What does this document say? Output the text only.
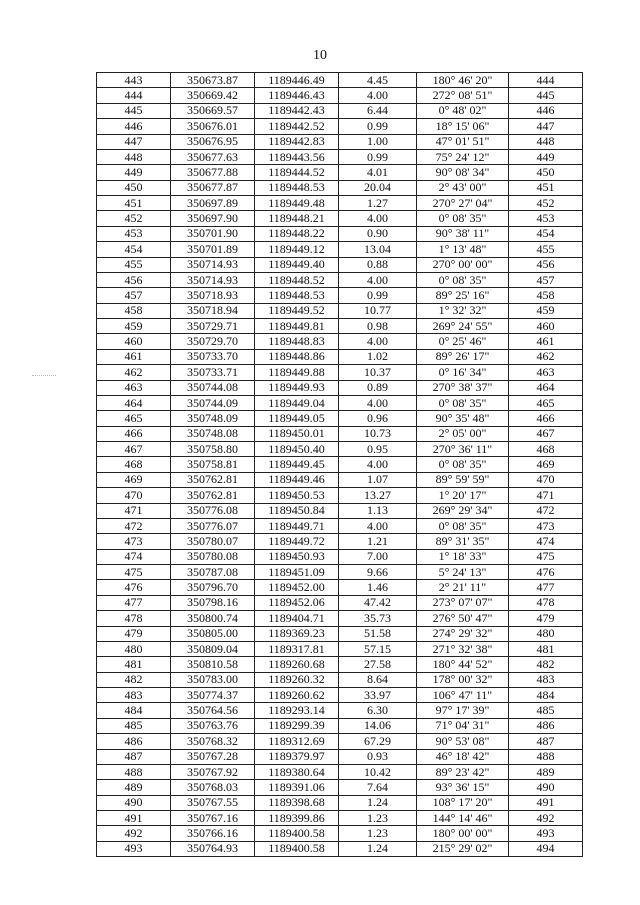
10
443	350673.87	1189446.49	4.45	180° 46' 20"	444
444	350669.42	1189446.43	4.00	272° 08' 51"	445
445	350669.57	1189442.43	6.44	0° 48' 02"	446
446	350676.01	1189442.52	0.99	18° 15' 06"	447
447	350676.95	1189442.83	1.00	47° 01' 51"	448
448	350677.63	1189443.56	0.99	75° 24' 12"	449
449	350677.88	1189444.52	4.01	90° 08' 34"	450
450	350677.87	1189448.53	20.04	2° 43' 00"	451
451	350697.89	1189449.48	1.27	270° 27' 04"	452
452	350697.90	1189448.21	4.00	0° 08' 35"	453
453	350701.90	1189448.22	0.90	90° 38' 11"	454
454	350701.89	1189449.12	13.04	1° 13' 48"	455
455	350714.93	1189449.40	0.88	270° 00' 00"	456
456	350714.93	1189448.52	4.00	0° 08' 35"	457
457	350718.93	1189448.53	0.99	89° 25' 16"	458
458	350718.94	1189449.52	10.77	1° 32' 32"	459
459	350729.71	1189449.81	0.98	269° 24' 55"	460
460	350729.70	1189448.83	4.00	0° 25' 46"	461
461	350733.70	1189448.86	1.02	89° 26' 17"	462
462	350733.71	1189449.88	10.37	0° 16' 34"	463
463	350744.08	1189449.93	0.89	270° 38' 37"	464
464	350744.09	1189449.04	4.00	0° 08' 35"	465
465	350748.09	1189449.05	0.96	90° 35' 48"	466
466	350748.08	1189450.01	10.73	2° 05' 00"	467
467	350758.80	1189450.40	0.95	270° 36' 11"	468
468	350758.81	1189449.45	4.00	0° 08' 35"	469
469	350762.81	1189449.46	1.07	89° 59' 59"	470
470	350762.81	1189450.53	13.27	1° 20' 17"	471
471	350776.08	1189450.84	1.13	269° 29' 34"	472
472	350776.07	1189449.71	4.00	0° 08' 35"	473
473	350780.07	1189449.72	1.21	89° 31' 35"	474
474	350780.08	1189450.93	7.00	1° 18' 33"	475
475	350787.08	1189451.09	9.66	5° 24' 13"	476
476	350796.70	1189452.00	1.46	2° 21' 11"	477
477	350798.16	1189452.06	47.42	273° 07' 07"	478
478	350800.74	1189404.71	35.73	276° 50' 47"	479
479	350805.00	1189369.23	51.58	274° 29' 32"	480
480	350809.04	1189317.81	57.15	271° 32' 38"	481
481	350810.58	1189260.68	27.58	180° 44' 52"	482
482	350783.00	1189260.32	8.64	178° 00' 32"	483
483	350774.37	1189260.62	33.97	106° 47' 11"	484
484	350764.56	1189293.14	6.30	97° 17' 39"	485
485	350763.76	1189299.39	14.06	71° 04' 31"	486
486	350768.32	1189312.69	67.29	90° 53' 08"	487
487	350767.28	1189379.97	0.93	46° 18' 42"	488
488	350767.92	1189380.64	10.42	89° 23' 42"	489
489	350768.03	1189391.06	7.64	93° 36' 15"	490
490	350767.55	1189398.68	1.24	108° 17' 20"	491
491	350767.16	1189399.86	1.23	144° 14' 46"	492
492	350766.16	1189400.58	1.23	180° 00' 00"	493
493	350764.93	1189400.58	1.24	215° 29' 02"	494
